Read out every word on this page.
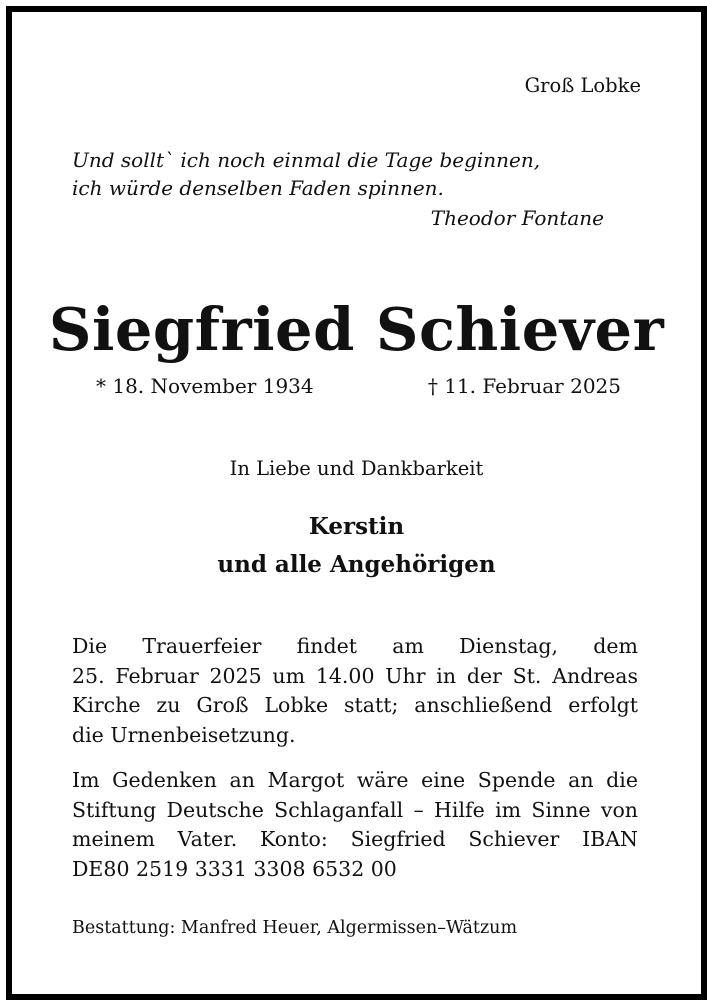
Groß Lobke

Und sollt` ich noch einmal die Tage beginnen,
ich würde denselben Faden spinnen.

Theodor Fontane

Siegfried Schiever

* 18. November 1934	† 11. Februar 2025

In Liebe und Dankbarkeit

Kerstin
und alle Angehörigen
Die Trauerfeier findet am Dienstag, dem
25. Februar 2025 um 14.00 Uhr in der St. Andreas
Kirche zu Groß Lobke statt; anschließend erfolgt
die Urnenbeisetzung.
Im Gedenken an Margot wäre eine Spende an die
Stiftung Deutsche Schlaganfall – Hilfe im Sinne von
meinem Vater. Konto: Siegfried Schiever IBAN
DE80 2519 3331 3308 6532 00

Bestattung: Manfred Heuer, Algermissen–Wätzum
